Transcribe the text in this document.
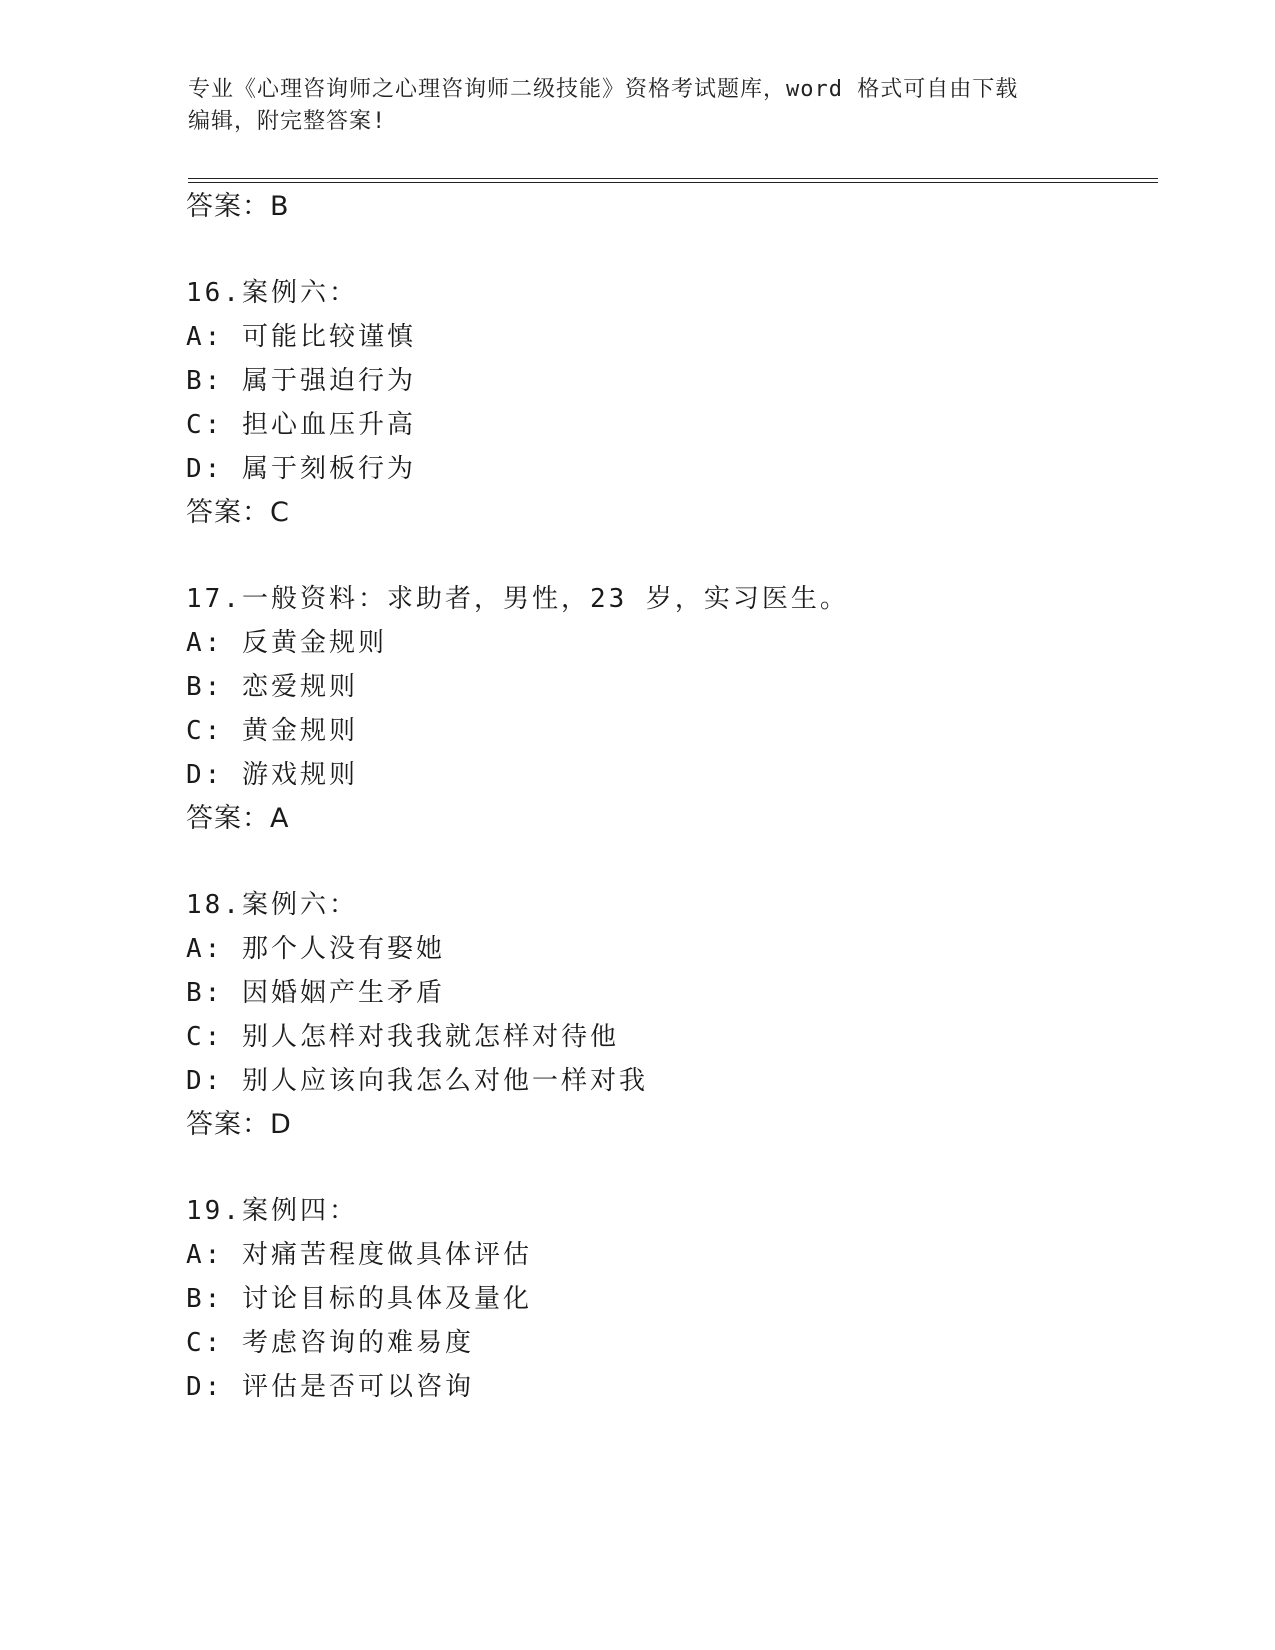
专业《心理咨询师之心理咨询师二级技能》资格考试题库，word 格式可自由下载
编辑，附完整答案!
答案：B
16.案例六：
A: 可能比较谨慎
B: 属于强迫行为
C: 担心血压升高
D: 属于刻板行为
答案：C
17.一般资料：求助者，男性，23 岁，实习医生。
A: 反黄金规则
B: 恋爱规则
C: 黄金规则
D: 游戏规则
答案：A
18.案例六：
A: 那个人没有娶她
B: 因婚姻产生矛盾
C: 别人怎样对我我就怎样对待他
D: 别人应该向我怎么对他一样对我
答案：D
19.案例四：
A: 对痛苦程度做具体评估
B: 讨论目标的具体及量化
C: 考虑咨询的难易度
D: 评估是否可以咨询
